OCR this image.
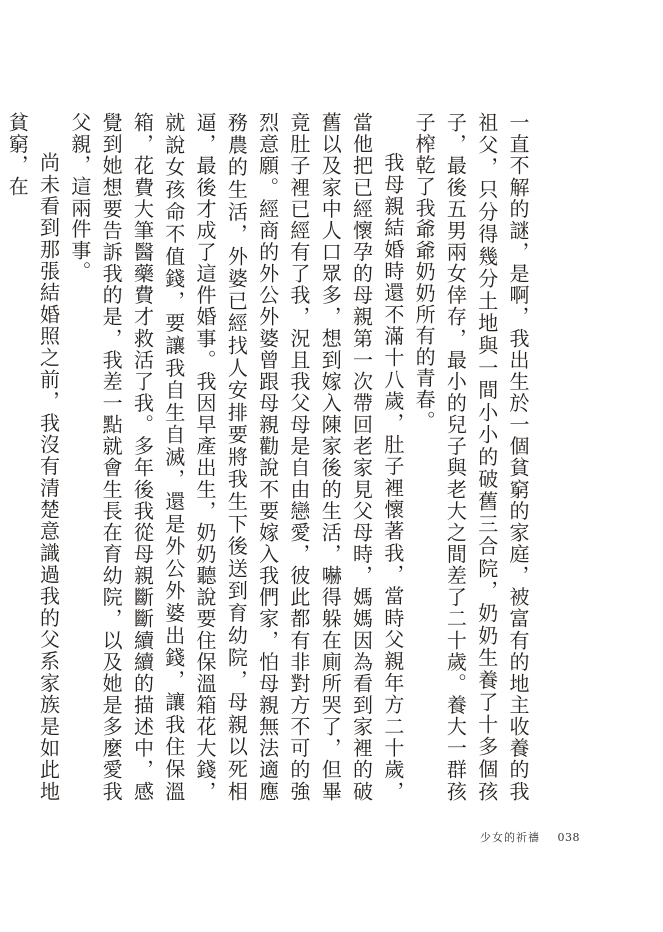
一直不解的謎，是啊，我出生於一個貧窮的家庭，被富有的地主收養的我祖父，只分得幾分土地與一間小小的破舊三合院，奶奶生養了十多個孩子，最後五男兩女倖存，最小的兒子與老大之間差了二十歲。養大一群孩子榨乾了我爺爺奶奶所有的青春。

我母親結婚時還不滿十八歲，肚子裡懷著我，當時父親年方二十歲，當他把已經懷孕的母親第一次帶回老家見父母時，媽媽因為看到家裡的破舊以及家中人口眾多，想到嫁入陳家後的生活，嚇得躲在廁所哭了，但畢竟肚子裡已經有了我，況且我父母是自由戀愛，彼此都有非對方不可的強烈意願。經商的外公外婆曾跟母親勸說不要嫁入我們家，怕母親無法適應務農的生活，外婆已經找人安排要將我生下後送到育幼院，母親以死相逼，最後才成了這件婚事。我因早產出生，奶奶聽說要住保溫箱花大錢，就說女孩命不值錢，要讓我自生自滅，還是外公外婆出錢，讓我住保溫箱，花費大筆醫藥費才救活了我。多年後我從母親斷斷續續的描述中，感覺到她想要告訴我的是，我差一點就會生長在育幼院，以及她是多麼愛我父親，這兩件事。

尚未看到那張結婚照之前，我沒有清楚意識過我的父系家族是如此地貧窮，在

少女的祈禱 038
